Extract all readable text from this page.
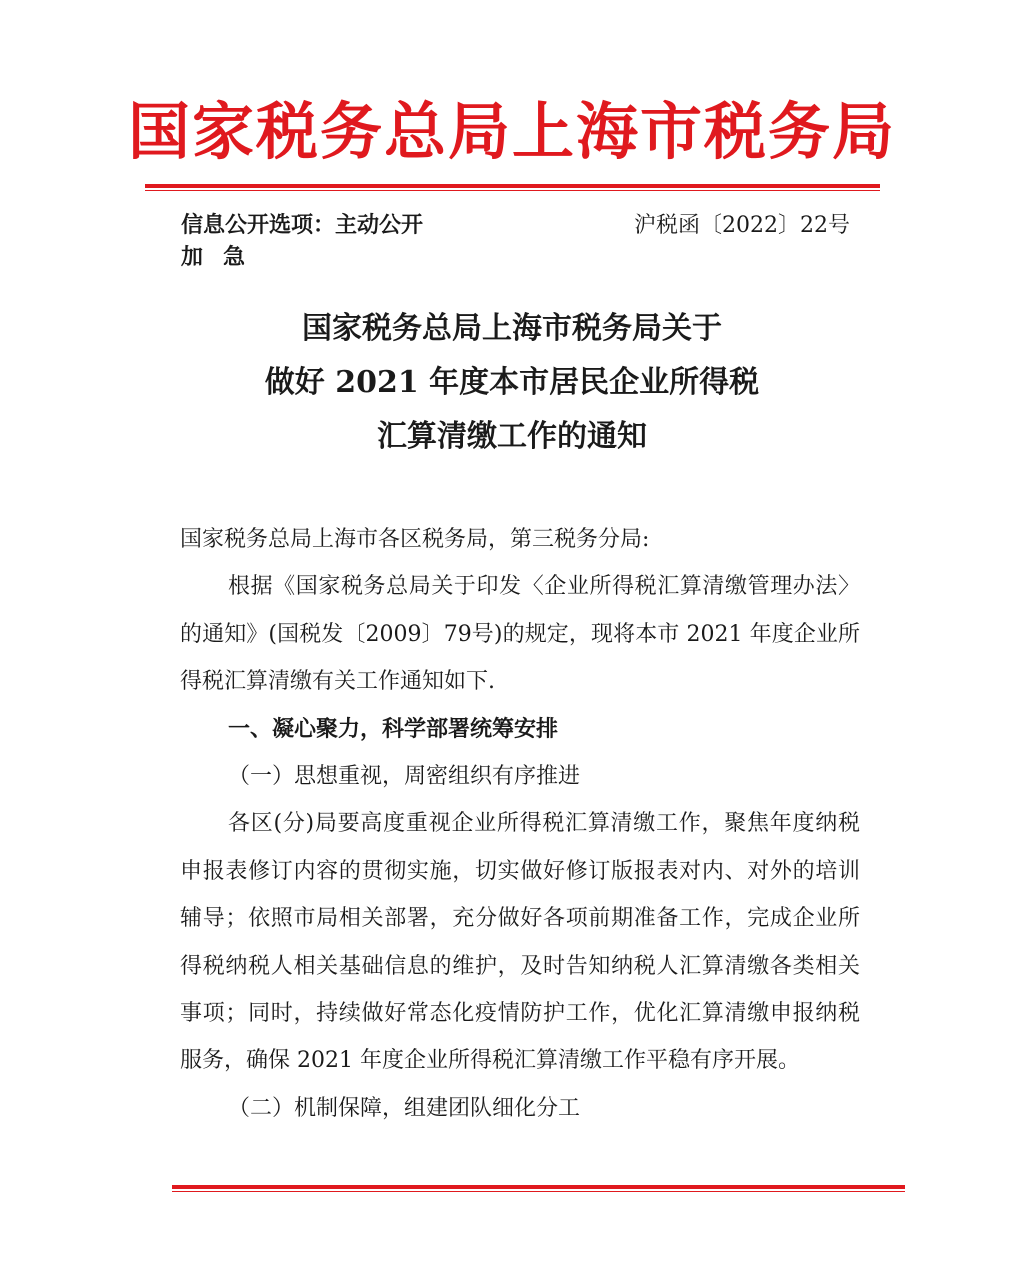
国家税务总局上海市税务局
信息公开选项：主动公开
加急
沪税函〔2022〕22号
国家税务总局上海市税务局关于
做好 2021 年度本市居民企业所得税
汇算清缴工作的通知

国家税务总局上海市各区税务局，第三税务分局:

根据《国家税务总局关于印发〈企业所得税汇算清缴管理办法〉的通知》(国税发〔2009〕79号)的规定，现将本市 2021 年度企业所得税汇算清缴有关工作通知如下.

一、凝心聚力，科学部署统筹安排

（一）思想重视，周密组织有序推进

各区(分)局要高度重视企业所得税汇算清缴工作，聚焦年度纳税申报表修订内容的贯彻实施，切实做好修订版报表对内、对外的培训辅导；依照市局相关部署，充分做好各项前期准备工作，完成企业所得税纳税人相关基础信息的维护，及时告知纳税人汇算清缴各类相关事项；同时，持续做好常态化疫情防护工作，优化汇算清缴申报纳税服务，确保 2021 年度企业所得税汇算清缴工作平稳有序开展。

（二）机制保障，组建团队细化分工
